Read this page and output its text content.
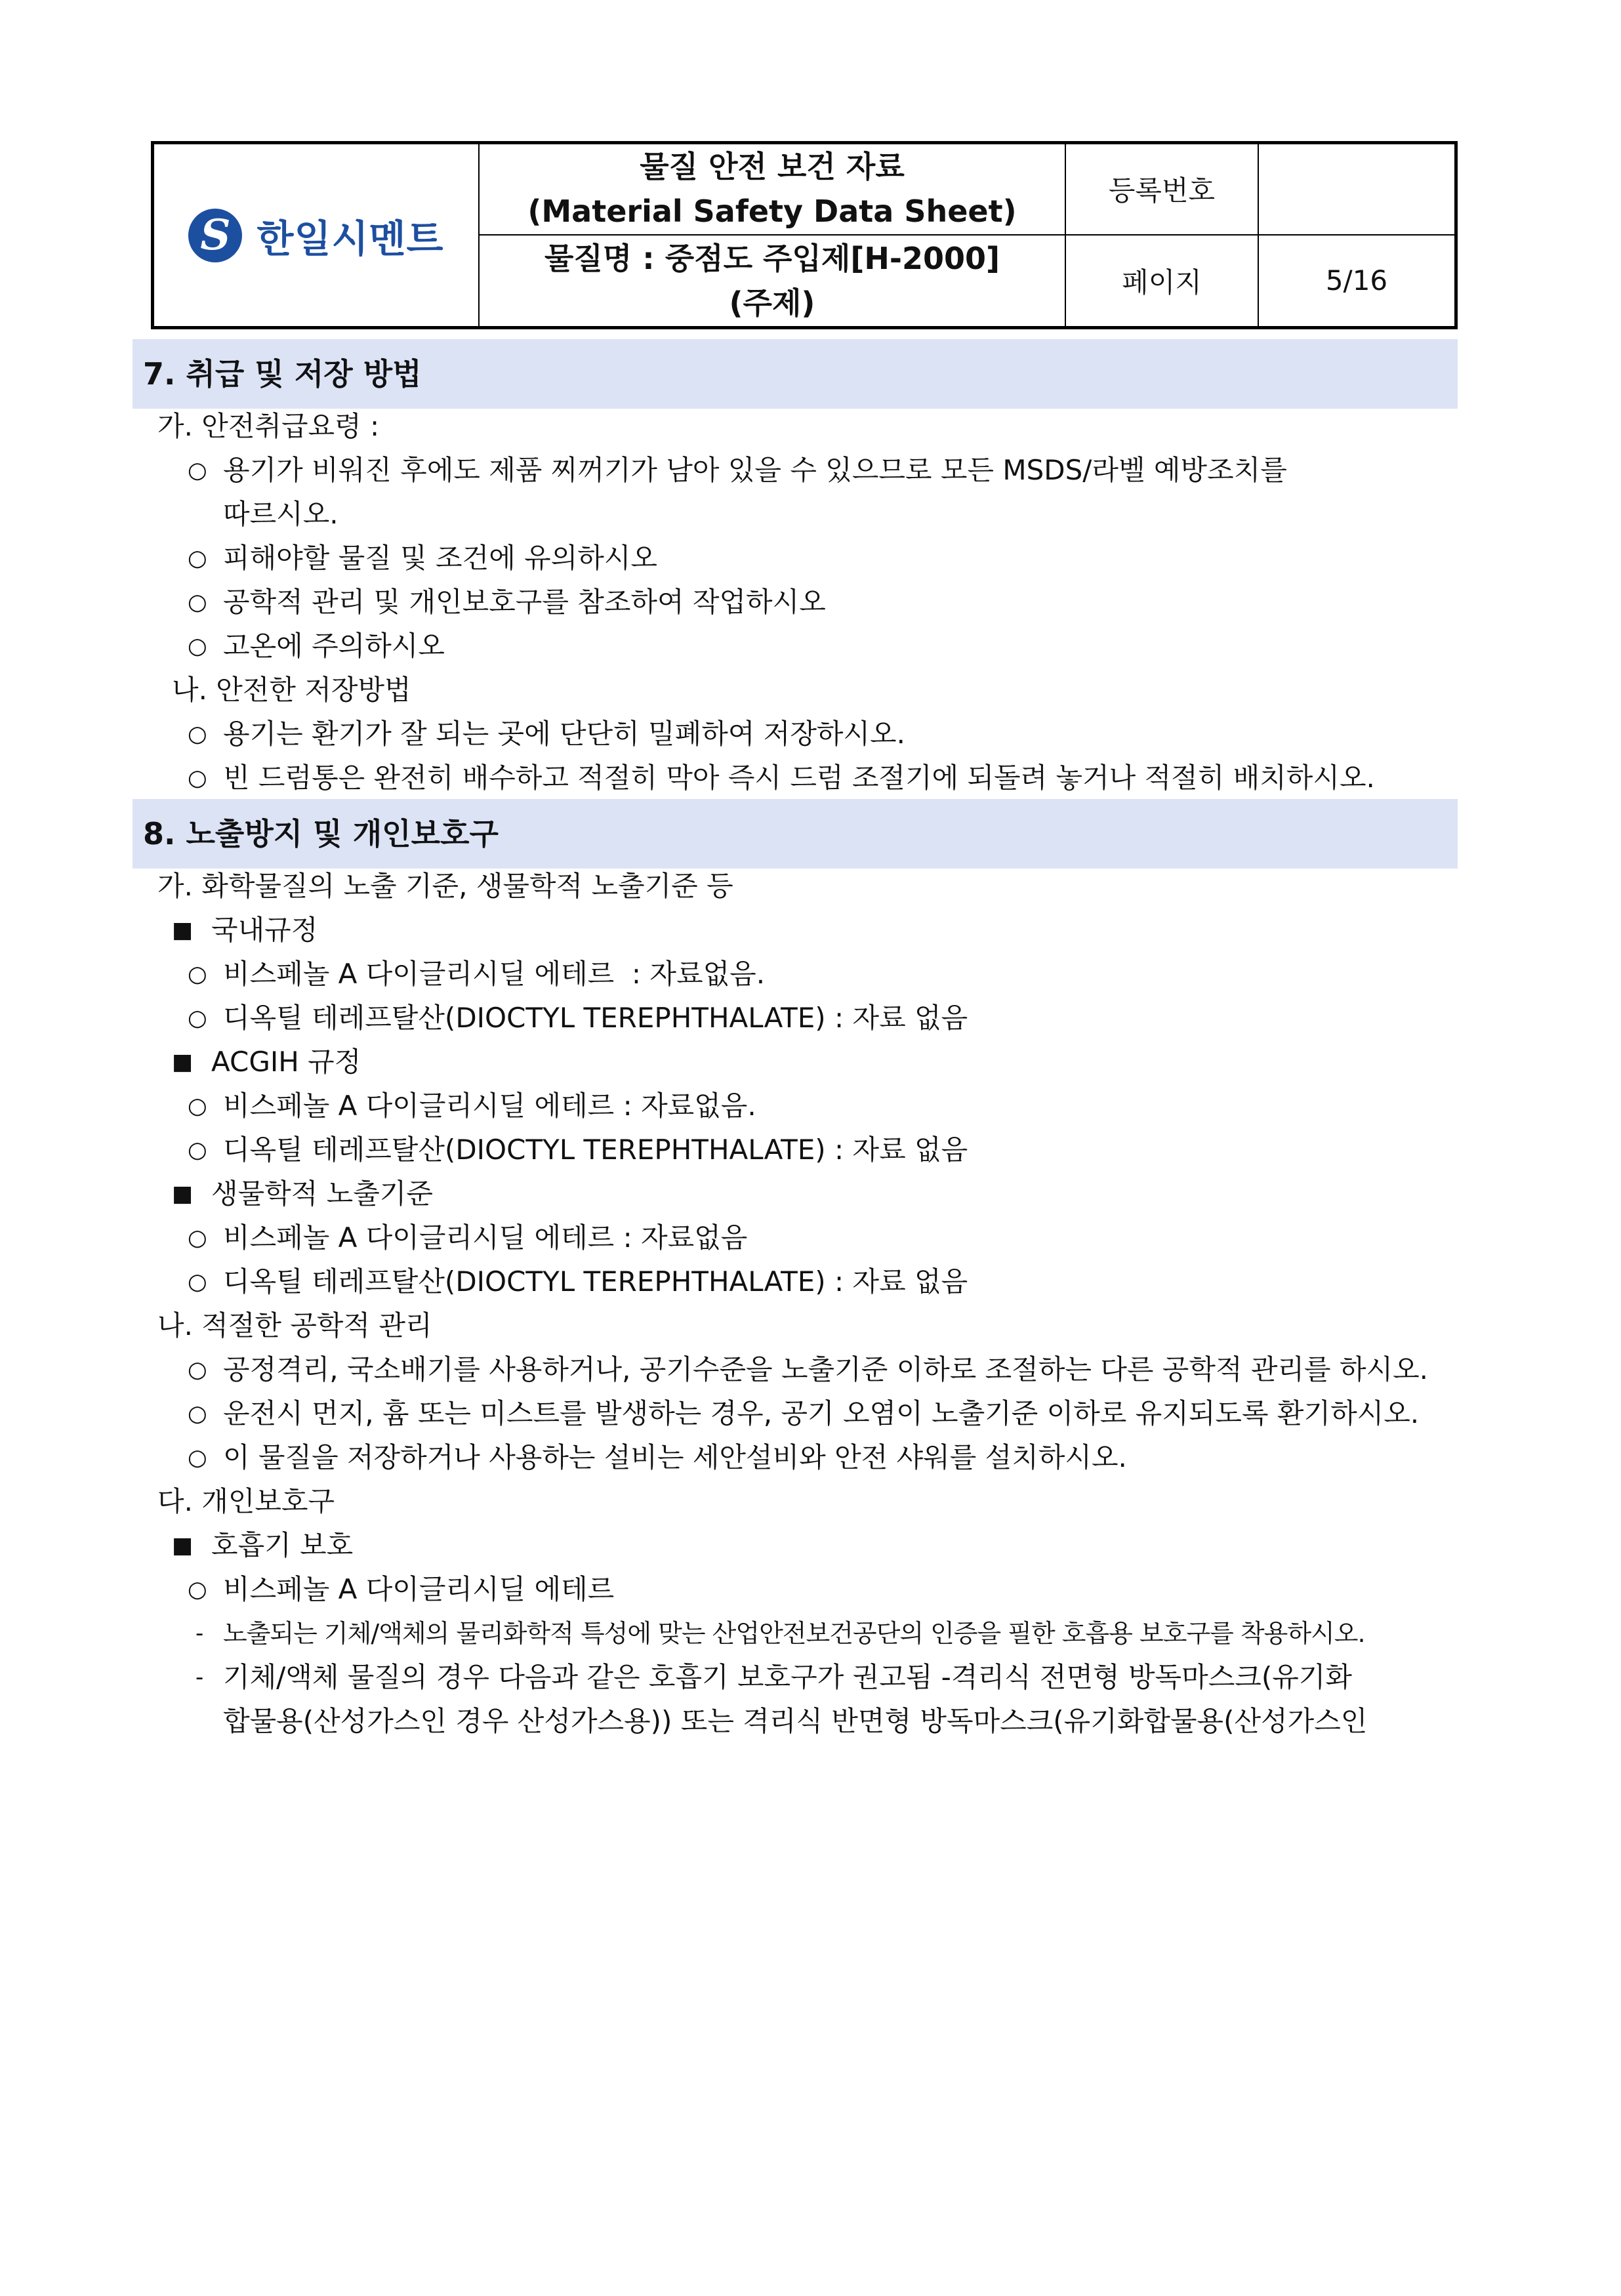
S
한일시멘트
물질 안전 보건 자료
(Material Safety Data Sheet)
등록번호
물질명 : 중점도 주입제[H-2000]
(주제)
페이지	5/16
7. 취급 및 저장 방법
가. 안전취급요령 :
○ 용기가 비워진 후에도 제품 찌꺼기가 남아 있을 수 있으므로 모든 MSDS/라벨 예방조치를
따르시오.
○ 피해야할 물질 및 조건에 유의하시오
○ 공학적 관리 및 개인보호구를 참조하여 작업하시오
○ 고온에 주의하시오
나. 안전한 저장방법
○ 용기는 환기가 잘 되는 곳에 단단히 밀폐하여 저장하시오.
○ 빈 드럼통은 완전히 배수하고 적절히 막아 즉시 드럼 조절기에 되돌려 놓거나 적절히 배치하시오.
8. 노출방지 및 개인보호구
가. 화학물질의 노출 기준, 생물학적 노출기준 등
■ 국내규정
○ 비스페놀 A 다이글리시딜 에테르  : 자료없음.
○ 디옥틸 테레프탈산(DIOCTYL TEREPHTHALATE) : 자료 없음
■ ACGIH 규정
○ 비스페놀 A 다이글리시딜 에테르 : 자료없음.
○ 디옥틸 테레프탈산(DIOCTYL TEREPHTHALATE) : 자료 없음
■ 생물학적 노출기준
○ 비스페놀 A 다이글리시딜 에테르 : 자료없음
○ 디옥틸 테레프탈산(DIOCTYL TEREPHTHALATE) : 자료 없음
나. 적절한 공학적 관리
○ 공정격리, 국소배기를 사용하거나, 공기수준을 노출기준 이하로 조절하는 다른 공학적 관리를 하시오.
○ 운전시 먼지, 흄 또는 미스트를 발생하는 경우, 공기 오염이 노출기준 이하로 유지되도록 환기하시오.
○ 이 물질을 저장하거나 사용하는 설비는 세안설비와 안전 샤워를 설치하시오.
다. 개인보호구
■ 호흡기 보호
○ 비스페놀 A 다이글리시딜 에테르
- 노출되는 기체/액체의 물리화학적 특성에 맞는 산업안전보건공단의 인증을 필한 호흡용 보호구를 착용하시오.
- 기체/액체 물질의 경우 다음과 같은 호흡기 보호구가 권고됨 -격리식 전면형 방독마스크(유기화
합물용(산성가스인 경우 산성가스용)) 또는 격리식 반면형 방독마스크(유기화합물용(산성가스인
